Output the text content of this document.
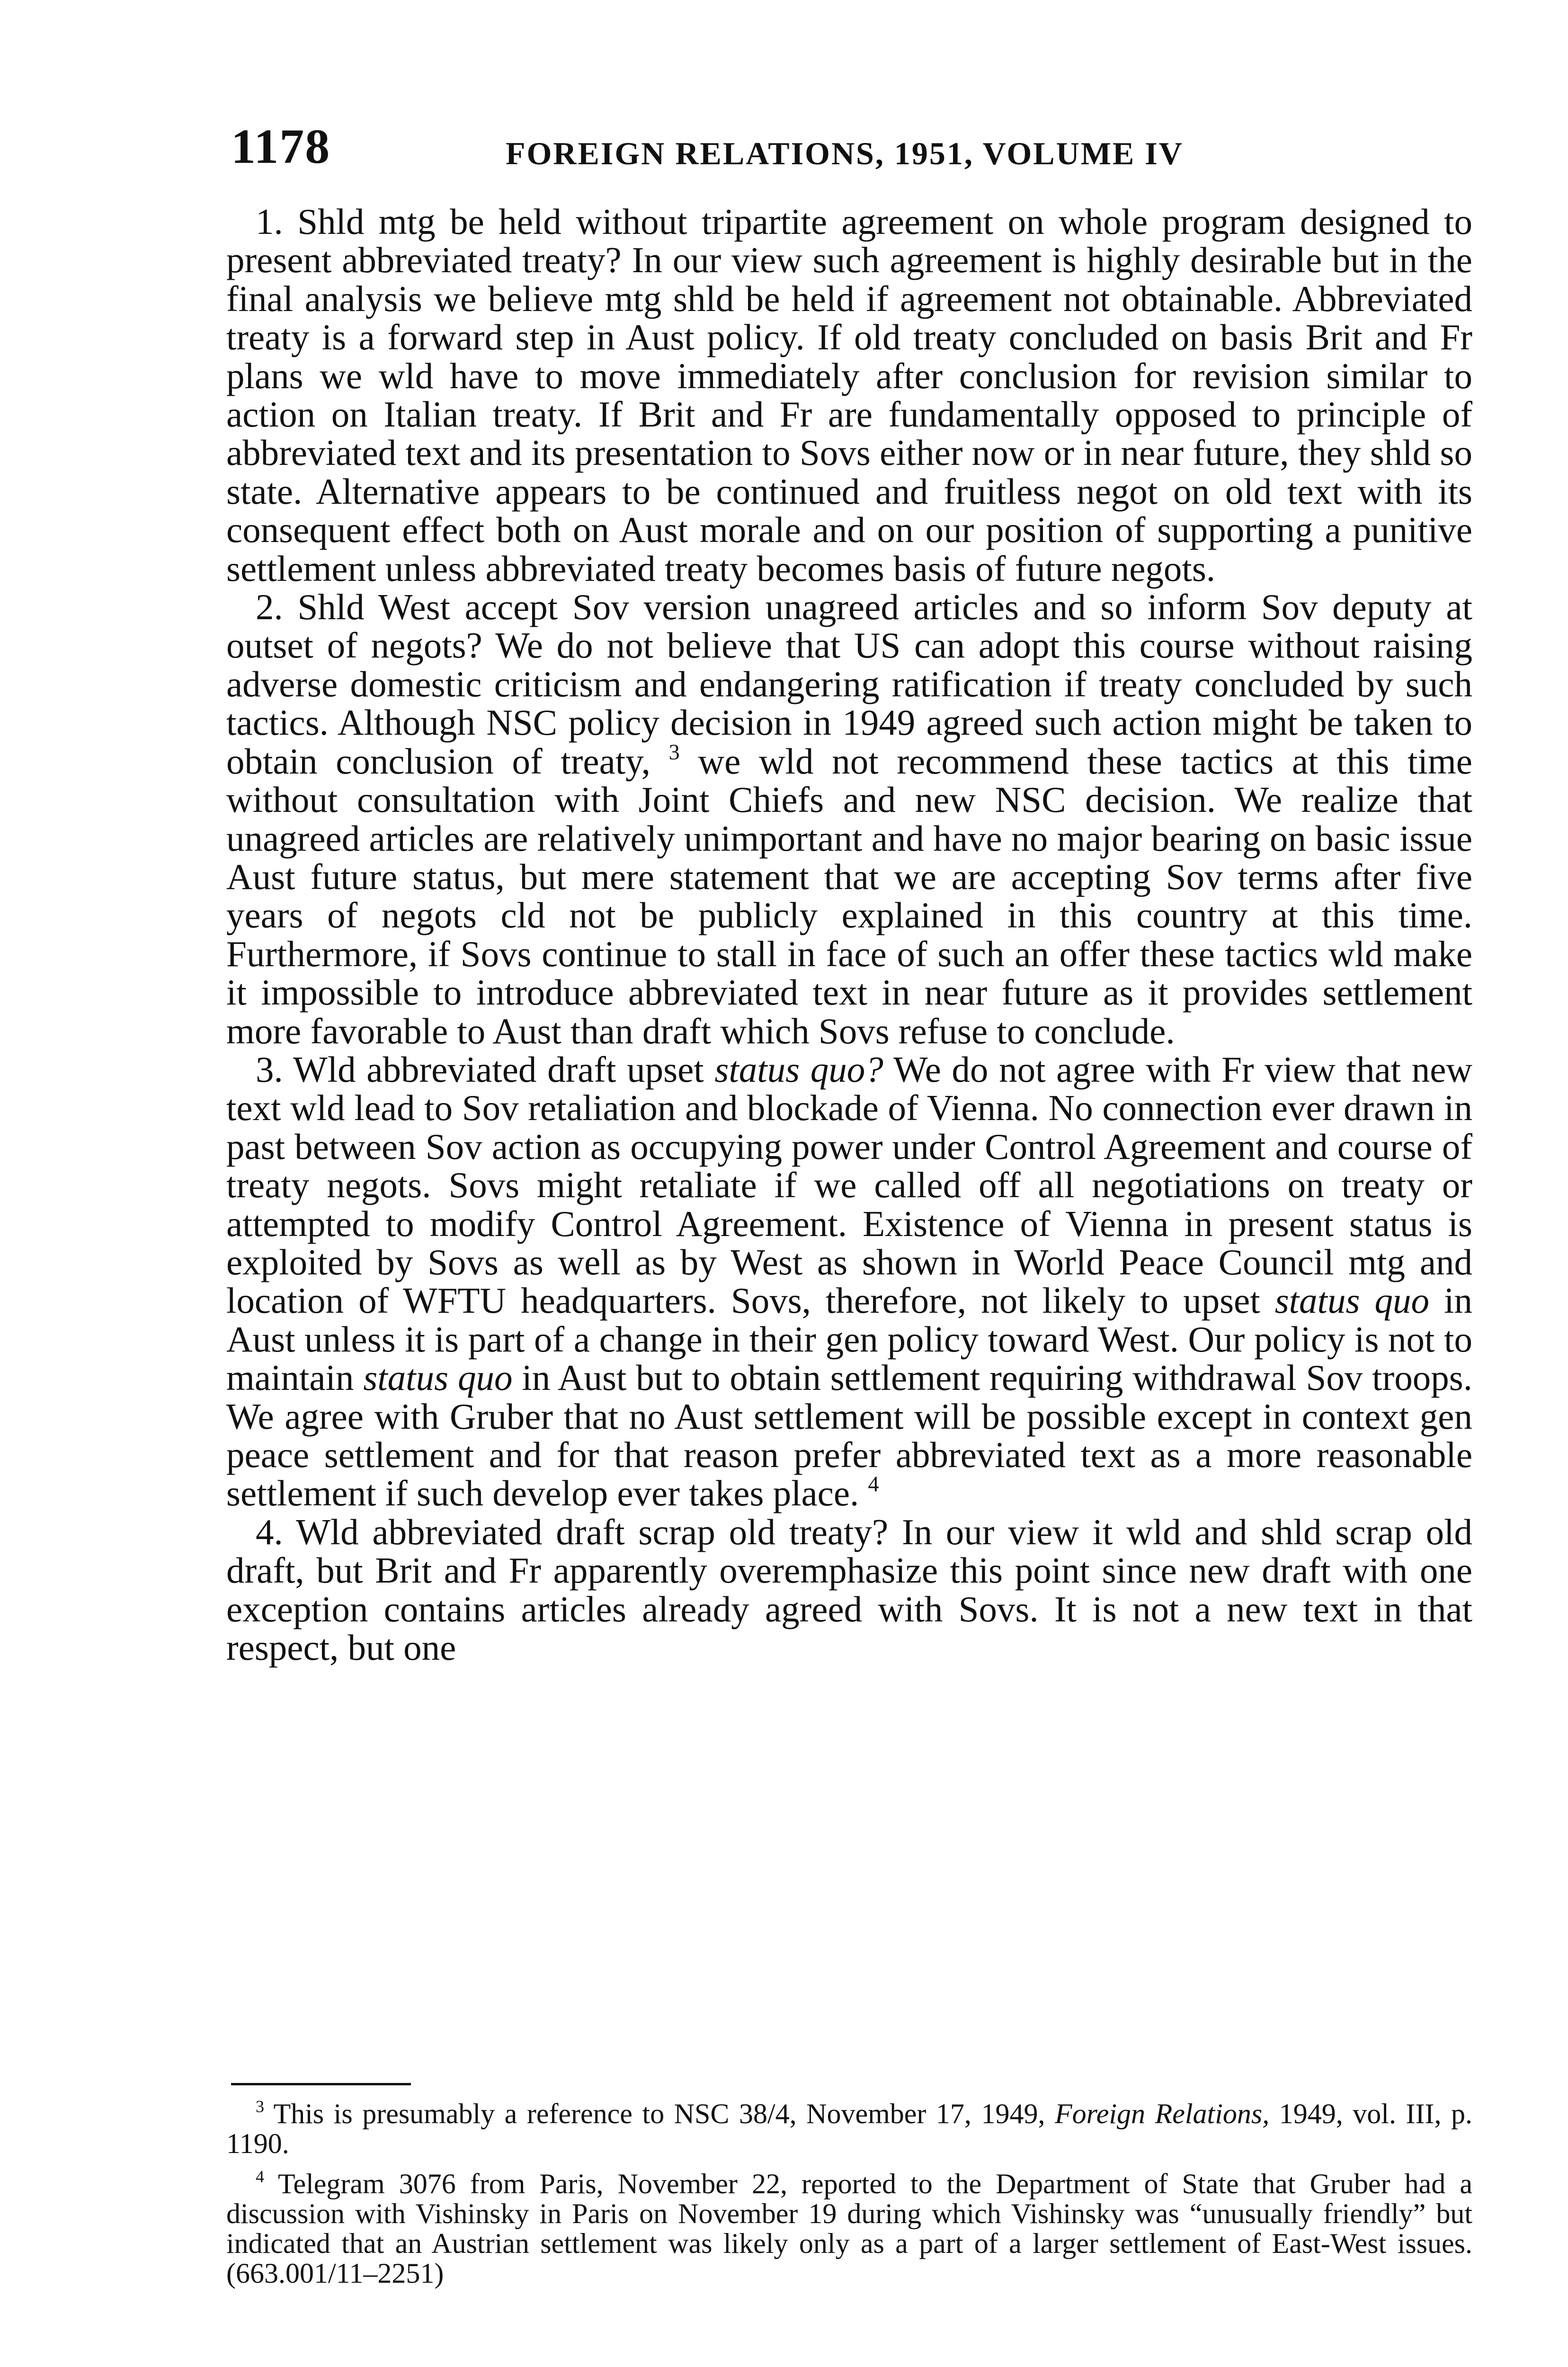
1178	FOREIGN RELATIONS, 1951, VOLUME IV

1. Shld mtg be held without tripartite agreement on whole program designed to present abbreviated treaty? In our view such agreement is highly desirable but in the final analysis we believe mtg shld be held if agreement not obtainable. Abbreviated treaty is a forward step in Aust policy. If old treaty concluded on basis Brit and Fr plans we wld have to move immediately after conclusion for revision similar to action on Italian treaty. If Brit and Fr are fundamentally opposed to principle of abbreviated text and its presentation to Sovs either now or in near future, they shld so state. Alternative appears to be continued and fruitless negot on old text with its consequent effect both on Aust morale and on our position of supporting a punitive settlement unless abbreviated treaty becomes basis of future negots.

2. Shld West accept Sov version unagreed articles and so inform Sov deputy at outset of negots? We do not believe that US can adopt this course without raising adverse domestic criticism and endangering ratification if treaty concluded by such tactics. Although NSC policy decision in 1949 agreed such action might be taken to obtain conclusion of treaty, $^3$ we wld not recommend these tactics at this time without consultation with Joint Chiefs and new NSC decision. We realize that unagreed articles are relatively unimportant and have no major bearing on basic issue Aust future status, but mere statement that we are accepting Sov terms after five years of negots cld not be publicly explained in this country at this time. Furthermore, if Sovs continue to stall in face of such an offer these tactics wld make it impossible to introduce abbreviated text in near future as it provides settlement more favorable to Aust than draft which Sovs refuse to conclude.

3. Wld abbreviated draft upset status quo? We do not agree with Fr view that new text wld lead to Sov retaliation and blockade of Vienna. No connection ever drawn in past between Sov action as occupying power under Control Agreement and course of treaty negots. Sovs might retaliate if we called off all negotiations on treaty or attempted to modify Control Agreement. Existence of Vienna in present status is exploited by Sovs as well as by West as shown in World Peace Council mtg and location of WFTU headquarters. Sovs, therefore, not likely to upset status quo in Aust unless it is part of a change in their gen policy toward West. Our policy is not to maintain status quo in Aust but to obtain settlement requiring withdrawal Sov troops. We agree with Gruber that no Aust settlement will be possible except in context gen peace settlement and for that reason prefer abbreviated text as a more reasonable settlement if such develop ever takes place. $^4$

4. Wld abbreviated draft scrap old treaty? In our view it wld and shld scrap old draft, but Brit and Fr apparently overemphasize this point since new draft with one exception contains articles already agreed with Sovs. It is not a new text in that respect, but one

$^3$ This is presumably a reference to NSC 38/4, November 17, 1949, Foreign Relations, 1949, vol. III, p. 1190.

$^4$ Telegram 3076 from Paris, November 22, reported to the Department of State that Gruber had a discussion with Vishinsky in Paris on November 19 during which Vishinsky was “unusually friendly” but indicated that an Austrian settlement was likely only as a part of a larger settlement of East-West issues. (663.001/11–2251)
